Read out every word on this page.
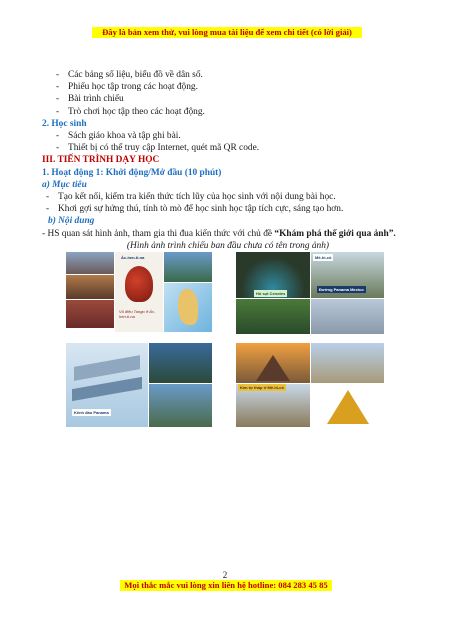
Đây là bản xem thử, vui lòng mua tài liệu để xem chi tiết (có lời giải)
- Các bảng số liệu, biểu đồ về dân số.
- Phiếu học tập trong các hoạt động.
- Bài trình chiếu
- Trò chơi học tập theo các hoạt động.
2. Học sinh
- Sách giáo khoa và tập ghi bài.
- Thiết bị có thể truy cập Internet, quét mã QR code.
III. TIẾN TRÌNH DẠY HỌC
1. Hoạt động 1: Khởi động/Mở đầu (10 phút)
a) Mục tiêu
- Tạo kết nối, kiểm tra kiến thức tích lũy của học sinh với nội dung bài học.
- Khơi gợi sự hứng thú, tính tò mò để học sinh học tập tích cực, sáng tạo hơn.
b) Nội dung
- HS quan sát hình ảnh, tham gia thi đua kiến thức với chủ đề “Khám phá thế giới qua ảnh”.
(Hình ảnh trình chiếu ban đầu chưa có tên trong ảnh)
Ác-hen-ti-na
Vũ điệu Tango ở Ác-hen-ti-na
Hố sụt Cenotes
Mê-hi-cô
Đường Panama Mexico
Kênh đào Panama
Kim tự tháp ở Mê-hi-cô
2
Mọi thắc mắc vui lòng xin liên hệ hotline: 084 283 45 85
